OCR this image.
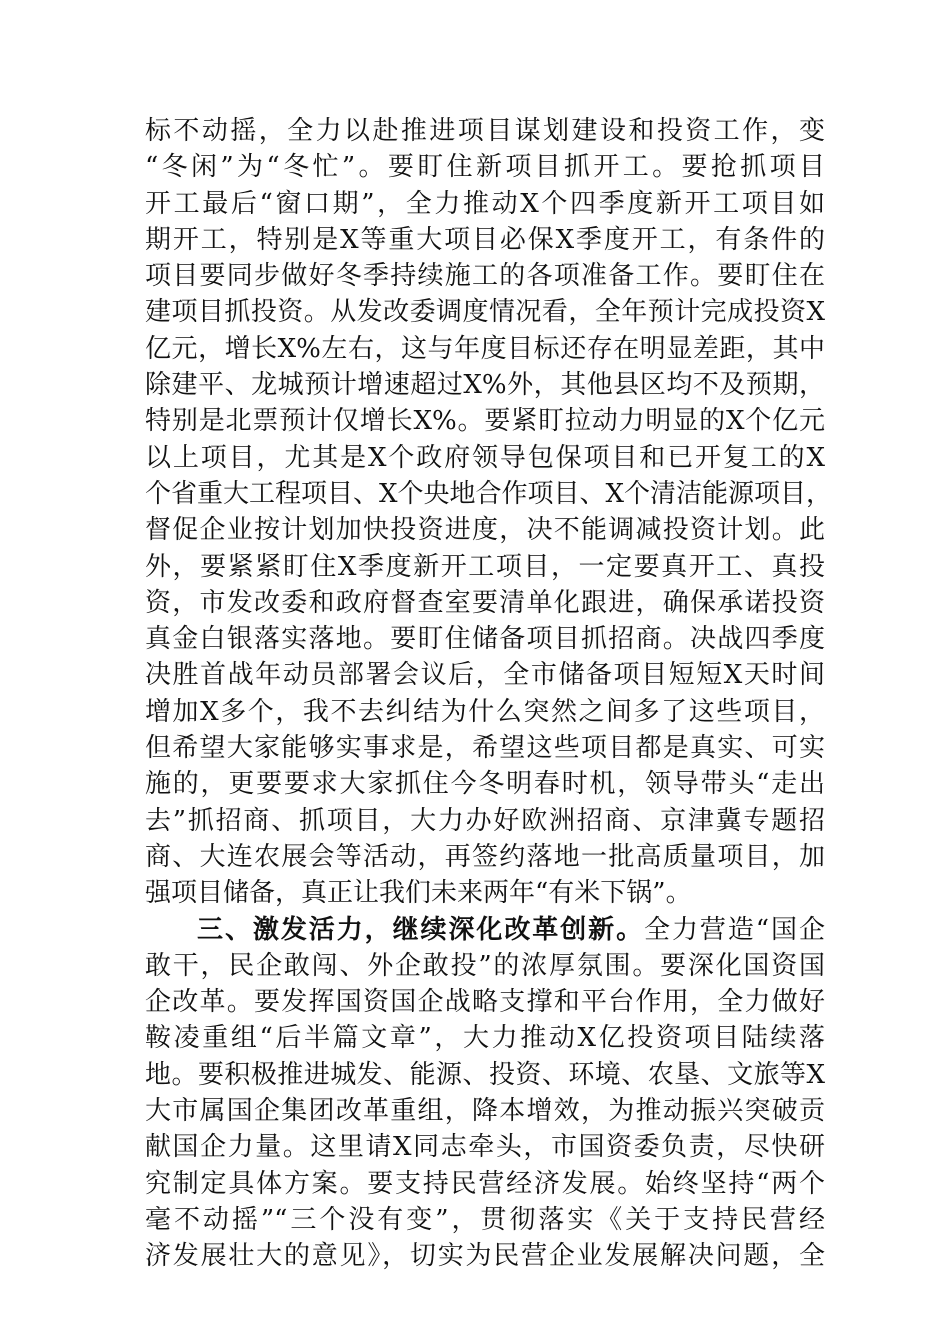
标不动摇，全力以赴推进项目谋划建设和投资工作，变
“冬闲”为“冬忙”。要盯住新项目抓开工。要抢抓项目
开工最后“窗口期”，全力推动X个四季度新开工项目如
期开工，特别是X等重大项目必保X季度开工，有条件的
项目要同步做好冬季持续施工的各项准备工作。要盯住在
建项目抓投资。从发改委调度情况看，全年预计完成投资X
亿元，增长X%左右，这与年度目标还存在明显差距，其中
除建平、龙城预计增速超过X%外，其他县区均不及预期，
特别是北票预计仅增长X%。要紧盯拉动力明显的X个亿元
以上项目，尤其是X个政府领导包保项目和已开复工的X
个省重大工程项目、X个央地合作项目、X个清洁能源项目，
督促企业按计划加快投资进度，决不能调减投资计划。此
外，要紧紧盯住X季度新开工项目，一定要真开工、真投
资，市发改委和政府督查室要清单化跟进，确保承诺投资
真金白银落实落地。要盯住储备项目抓招商。决战四季度
决胜首战年动员部署会议后，全市储备项目短短X天时间
增加X多个，我不去纠结为什么突然之间多了这些项目，
但希望大家能够实事求是，希望这些项目都是真实、可实
施的，更要要求大家抓住今冬明春时机，领导带头“走出
去”抓招商、抓项目，大力办好欧洲招商、京津冀专题招
商、大连农展会等活动，再签约落地一批高质量项目，加
强项目储备，真正让我们未来两年“有米下锅”。
三、激发活力，继续深化改革创新。全力营造“国企
敢干，民企敢闯、外企敢投”的浓厚氛围。要深化国资国
企改革。要发挥国资国企战略支撑和平台作用，全力做好
鞍凌重组“后半篇文章”，大力推动X亿投资项目陆续落
地。要积极推进城发、能源、投资、环境、农垦、文旅等X
大市属国企集团改革重组，降本增效，为推动振兴突破贡
献国企力量。这里请X同志牵头，市国资委负责，尽快研
究制定具体方案。要支持民营经济发展。始终坚持“两个
毫不动摇”“三个没有变”，贯彻落实《关于支持民营经
济发展壮大的意见》，切实为民营企业发展解决问题，全
